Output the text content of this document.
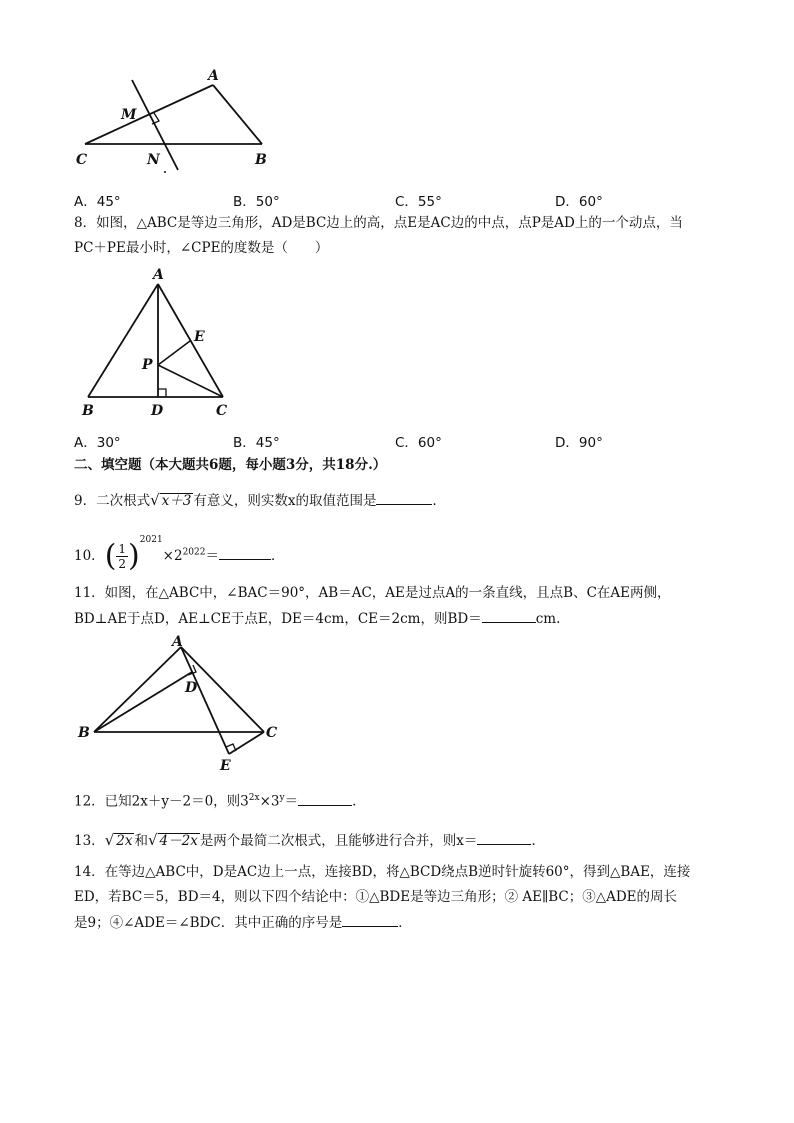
A
M
C	N	B
A．45°	B．50°	C．55°	D．60°
8．如图，△ABC是等边三角形，AD是BC边上的高，点E是AC边的中点，点P是AD上的一个动点，当
PC＋PE最小时，∠CPE的度数是（　　）
A
E
P
B	D	C
A．30°	B．45°	C．60°	D．90°
二、填空题（本大题共6题，每小题3分，共18分.）
9．二次根式√ x＋3 有意义，则实数x的取值范围是	．
10．( $\frac{1}{2} )^{2021}\times 2^{2022}=$	．
11．如图，在△ABC中，∠BAC＝90°，AB＝AC，AE是过点A的一条直线，且点B、C在AE两侧，
BD⊥AE于点D，AE⊥CE于点E，DE＝4cm，CE＝2cm，则BD＝	cm.
A
D
B	C
E
12．已知2x＋y－2＝0，则$3^{2x}\times 3^y=$	．
13．√ 2x 和√ 4－2x 是两个最简二次根式，且能够进行合并，则x＝	．
14．在等边△ABC中，D是AC边上一点，连接BD，将△BCD绕点B逆时针旋转60°，得到△BAE，连接
ED，若BC＝5，BD＝4，则以下四个结论中：①△BDE是等边三角形；② AE∥BC；③△ADE的周长
是9；④∠ADE＝∠BDC．其中正确的序号是	．
